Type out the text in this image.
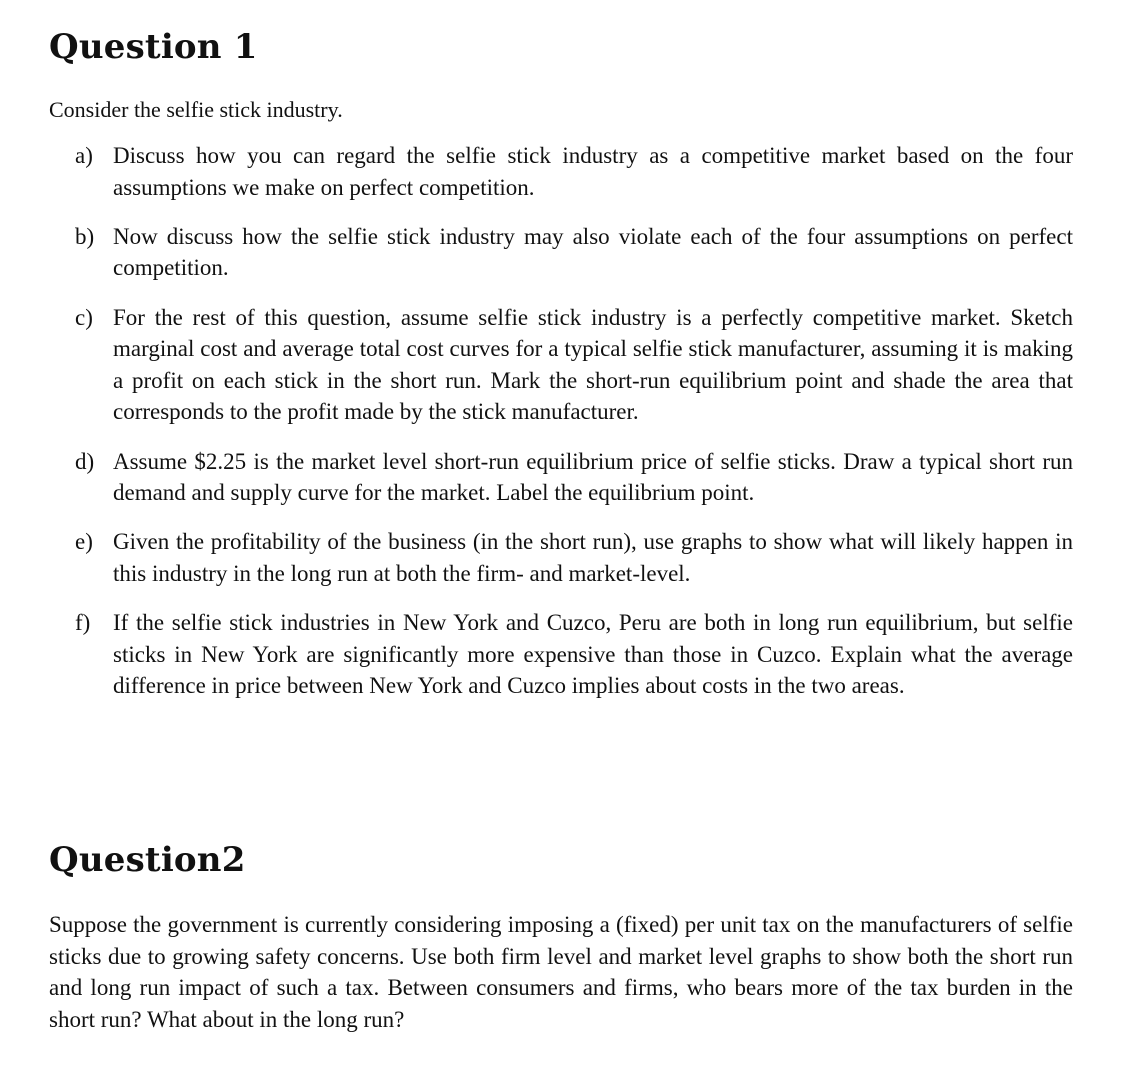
Question 1
Consider the selfie stick industry.
a) Discuss how you can regard the selfie stick industry as a competitive market based on the four assumptions we make on perfect competition.
b) Now discuss how the selfie stick industry may also violate each of the four assumptions on perfect competition.
c) For the rest of this question, assume selfie stick industry is a perfectly competitive market. Sketch marginal cost and average total cost curves for a typical selfie stick manufacturer, assuming it is making a profit on each stick in the short run. Mark the short-run equilibrium point and shade the area that corresponds to the profit made by the stick manufacturer.
d) Assume $2.25 is the market level short-run equilibrium price of selfie sticks. Draw a typical short run demand and supply curve for the market. Label the equilibrium point.
e) Given the profitability of the business (in the short run), use graphs to show what will likely happen in this industry in the long run at both the firm- and market-level.
f) If the selfie stick industries in New York and Cuzco, Peru are both in long run equilibrium, but selfie sticks in New York are significantly more expensive than those in Cuzco. Explain what the average difference in price between New York and Cuzco implies about costs in the two areas.
Question2
Suppose the government is currently considering imposing a (fixed) per unit tax on the manufacturers of selfie sticks due to growing safety concerns. Use both firm level and market level graphs to show both the short run and long run impact of such a tax. Between consumers and firms, who bears more of the tax burden in the short run? What about in the long run?
